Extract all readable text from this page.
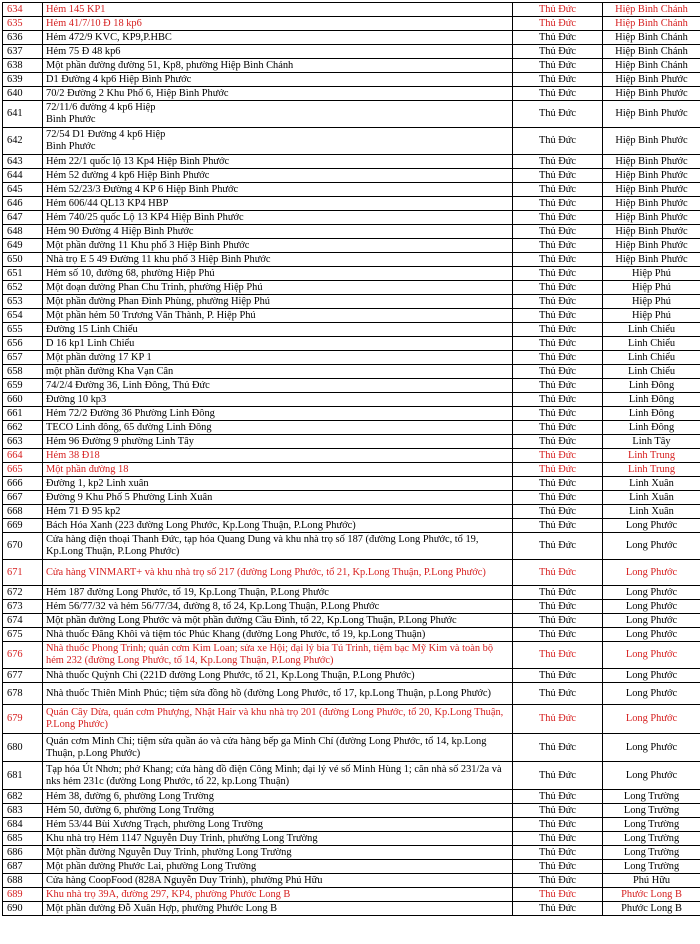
634	Hẻm 145 KP1	Thủ Đức	Hiệp Bình Chánh
635	Hẻm 41/7/10 Đ 18 kp6	Thủ Đức	Hiệp Bình Chánh
636	Hẻm 472/9 KVC, KP9,P.HBC	Thủ Đức	Hiệp Bình Chánh
637	Hẻm 75 Đ 48 kp6	Thủ Đức	Hiệp Bình Chánh
638	Một phần đường đường 51, Kp8, phường Hiệp Bình Chánh	Thủ Đức	Hiệp Bình Chánh
639	D1 Đường 4 kp6 Hiệp Bình Phước	Thủ Đức	Hiệp Bình Phước
640	70/2 Đường 2 Khu Phố 6, Hiệp Bình Phước	Thủ Đức	Hiệp Bình Phước
641	72/11/6 đường 4 kp6 Hiệp
Bình Phước	Thủ Đức	Hiệp Bình Phước
642	72/54 D1 Đường 4 kp6 Hiệp
Bình Phước	Thủ Đức	Hiệp Bình Phước
643	Hẻm 22/1 quốc lộ 13 Kp4 Hiệp Bình Phước	Thủ Đức	Hiệp Bình Phước
644	Hẻm 52 đường 4 kp6 Hiệp Bình Phước	Thủ Đức	Hiệp Bình Phước
645	Hẻm 52/23/3 Đường 4 KP 6 Hiệp Bình Phước	Thủ Đức	Hiệp Bình Phước
646	Hẻm 606/44 QL13 KP4 HBP	Thủ Đức	Hiệp Bình Phước
647	Hẻm 740/25 quốc Lộ 13 KP4 Hiệp Bình Phước	Thủ Đức	Hiệp Bình Phước
648	Hẻm 90 Đường 4 Hiệp Bình Phước	Thủ Đức	Hiệp Bình Phước
649	Một phần đường 11 Khu phố 3 Hiệp Bình Phước	Thủ Đức	Hiệp Bình Phước
650	Nhà trọ E 5 49 Đường 11 khu phố 3 Hiệp Bình Phước	Thủ Đức	Hiệp Bình Phước
651	Hẻm số 10, đường 68, phường Hiệp Phú	Thủ Đức	Hiệp Phú
652	Một đoạn đường Phan Chu Trinh, phường Hiệp Phú	Thủ Đức	Hiệp Phú
653	Một phần đường Phan Đình Phùng, phường Hiệp Phú	Thủ Đức	Hiệp Phú
654	Một phần hẻm 50 Trương Văn Thành, P. Hiệp Phú	Thủ Đức	Hiệp Phú
655	Đường 15 Linh Chiểu	Thủ Đức	Linh Chiểu
656	D 16 kp1 Linh Chiểu	Thủ Đức	Linh Chiểu
657	Một phần đường 17 KP 1	Thủ Đức	Linh Chiểu
658	một phần đường Kha Vạn Cân	Thủ Đức	Linh Chiểu
659	74/2/4 Đường 36, Linh Đông, Thủ Đức	Thủ Đức	Linh Đông
660	Đường 10 kp3	Thủ Đức	Linh Đông
661	Hẻm 72/2 Đường 36 Phường Linh Đông	Thủ Đức	Linh Đông
662	TECO Linh đông, 65 đường Linh Đông	Thủ Đức	Linh Đông
663	Hẻm 96 Đường 9 phường Linh Tây	Thủ Đức	Linh Tây
664	Hẻm 38 Đ18	Thủ Đức	Linh Trung
665	Một phần đường 18	Thủ Đức	Linh Trung
666	Đường 1, kp2 Linh xuân	Thủ Đức	Linh Xuân
667	Đường 9 Khu Phố 5 Phường Linh Xuân	Thủ Đức	Linh Xuân
668	Hẻm 71 Đ 95 kp2	Thủ Đức	Linh Xuân
669	Bách Hóa Xanh (223 đường Long Phước, Kp.Long Thuận, P.Long Phước)	Thủ Đức	Long Phước
670	Cửa hàng điện thoại Thanh Đức, tạp hóa Quang Dung và khu nhà trọ số 187 (đường Long Phước, tổ 19,
Kp.Long Thuận, P.Long Phước)	Thủ Đức	Long Phước
671	Cửa hàng VINMART+ và khu nhà trọ số 217 (đường Long Phước, tổ 21, Kp.Long Thuận, P.Long Phước)	Thủ Đức	Long Phước
672	Hẻm 187 đường Long Phước, tổ 19, Kp.Long Thuận, P.Long Phước	Thủ Đức	Long Phước
673	Hẻm 56/77/32 và hẻm 56/77/34, đường 8, tổ 24, Kp.Long Thuận, P.Long Phước	Thủ Đức	Long Phước
674	Một phần đường Long Phước và một phần đường Cầu Đình, tổ 22, Kp.Long Thuận, P.Long Phước	Thủ Đức	Long Phước
675	Nhà thuốc Đăng Khôi và tiệm tóc Phúc Khang (đường Long Phước, tổ 19, kp.Long Thuận)	Thủ Đức	Long Phước
676	Nhà thuốc Phong Trinh; quán cơm Kim Loan; sửa xe Hội; đại lý bia Tú Trinh, tiệm bạc Mỹ Kim và toàn bộ
hẻm 232 (đường Long Phước, tổ 14, Kp.Long Thuận, P.Long Phước)	Thủ Đức	Long Phước
677	Nhà thuốc Quỳnh Chi (221D đường Long Phước, tổ 21, Kp.Long Thuận, P.Long Phước)	Thủ Đức	Long Phước
678	Nhà thuốc Thiên Minh Phúc; tiệm sửa đồng hồ (đường Long Phước, tổ 17, kp.Long Thuận, p.Long Phước)	Thủ Đức	Long Phước
679	Quán Cây Dừa, quán cơm Phượng, Nhật Hair và khu nhà trọ 201 (đường Long Phước, tổ 20, Kp.Long Thuận,
P.Long Phước)	Thủ Đức	Long Phước
680	Quán cơm Minh Chi; tiệm sửa quần áo và cửa hàng bếp ga Minh Chí (đường Long Phước, tổ 14, kp.Long
Thuận, p.Long Phước)	Thủ Đức	Long Phước
681	Tạp hóa Út Nhơn; phở Khang; cửa hàng đồ điện Công Minh; đại lý vé số Minh Hùng 1; căn nhà số 231/2a và
nks hẻm 231c (đường Long Phước, tổ 22, kp.Long Thuận)	Thủ Đức	Long Phước
682	Hẻm 38, đường 6, phường Long Trường	Thủ Đức	Long Trường
683	Hẻm 50, đường 6, phường Long Trường	Thủ Đức	Long Trường
684	Hẻm 53/44 Bùi Xương Trạch, phường Long Trường	Thủ Đức	Long Trường
685	Khu nhà trọ Hẻm 1147 Nguyễn Duy Trinh, phường Long Trường	Thủ Đức	Long Trường
686	Một phần đường Nguyễn Duy Trinh, phường Long Trường	Thủ Đức	Long Trường
687	Một phần đường Phước Lai, phường Long Trường	Thủ Đức	Long Trường
688	Cửa hàng CoopFood (828A Nguyễn Duy Trinh), phường Phú Hữu	Thủ Đức	Phú Hữu
689	Khu nhà trọ 39A, đường 297, KP4, phường Phước Long B	Thủ Đức	Phước Long B
690	Một phần đường Đỗ Xuân Hợp, phường Phước Long B	Thủ Đức	Phước Long B
